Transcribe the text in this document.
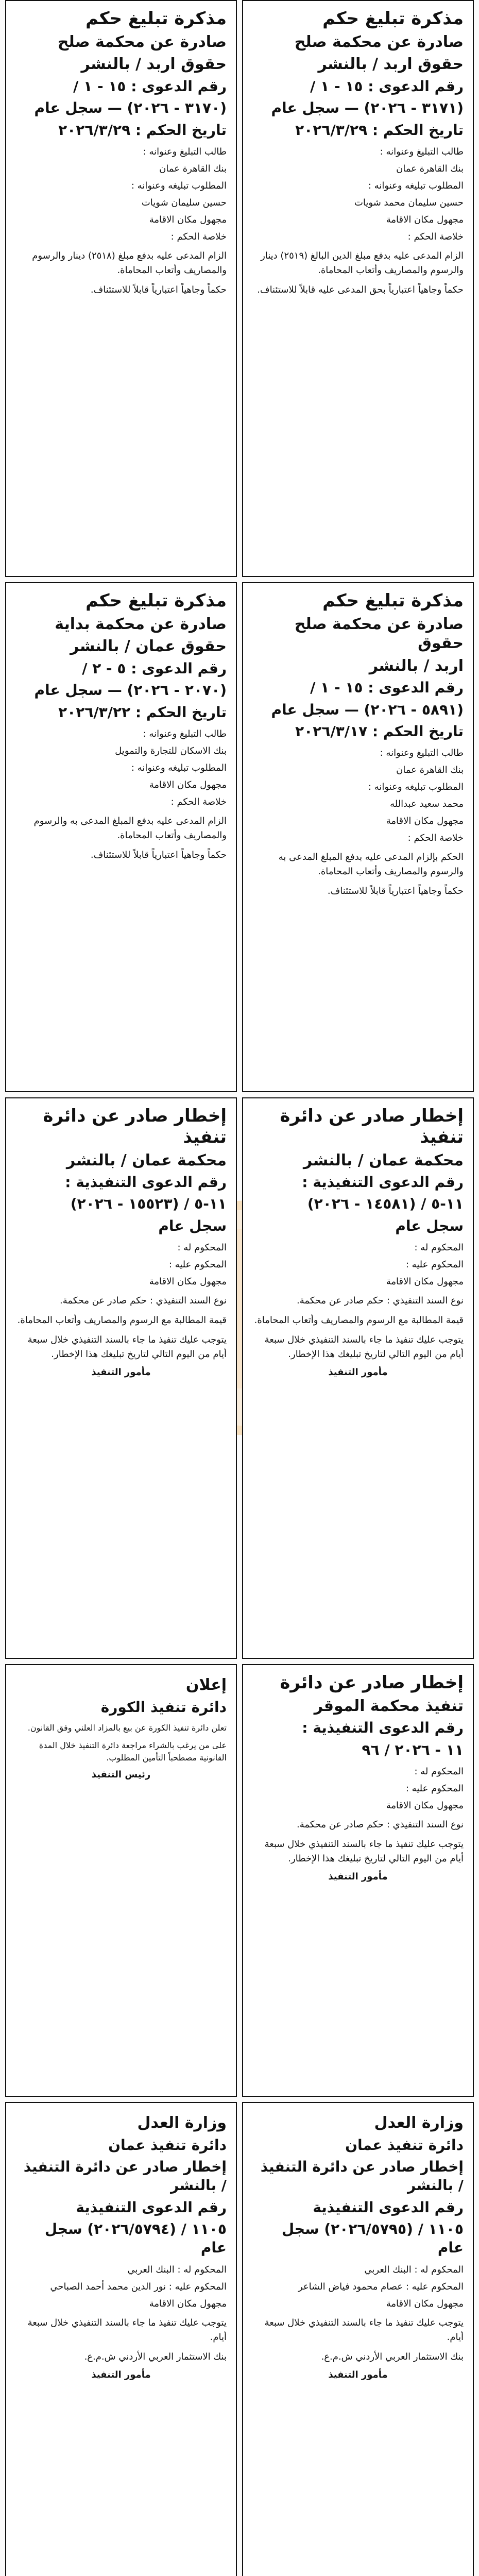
مذكرة تبليغ حكم
صادرة عن محكمة صلح
حقوق اربد / بالنشر
رقم الدعوى : ١٥ - ١ /
(٣١٧١ - ٢٠٢٦) — سجل عام
تاريخ الحكم : ٢٠٢٦/٣/٢٩

طالب التبليغ وعنوانه :

بنك القاهرة عمان

المطلوب تبليغه وعنوانه :

حسين سليمان محمد شويات

مجهول مكان الاقامة

خلاصة الحكم :

الزام المدعى عليه بدفع مبلغ الدين البالغ (٢٥١٩) دينار والرسوم والمصاريف وأتعاب المحاماة.

حكماً وجاهياً اعتبارياً بحق المدعى عليه قابلاً للاستئناف.

مذكرة تبليغ حكم
صادرة عن محكمة صلح
حقوق اربد / بالنشر
رقم الدعوى : ١٥ - ١ /
(٣١٧٠ - ٢٠٢٦) — سجل عام
تاريخ الحكم : ٢٠٢٦/٣/٢٩

طالب التبليغ وعنوانه :

بنك القاهرة عمان

المطلوب تبليغه وعنوانه :

حسين سليمان شويات

مجهول مكان الاقامة

خلاصة الحكم :

الزام المدعى عليه بدفع مبلغ (٢٥١٨) دينار والرسوم والمصاريف وأتعاب المحاماة.

حكماً وجاهياً اعتبارياً قابلاً للاستئناف.

مذكرة تبليغ حكم
صادرة عن محكمة صلح حقوق
اربد / بالنشر
رقم الدعوى : ١٥ - ١ /
(٥٨٩١ - ٢٠٢٦) — سجل عام
تاريخ الحكم : ٢٠٢٦/٣/١٧

طالب التبليغ وعنوانه :

بنك القاهرة عمان

المطلوب تبليغه وعنوانه :

محمد سعيد عبدالله

مجهول مكان الاقامة

خلاصة الحكم :

الحكم بإلزام المدعى عليه بدفع المبلغ المدعى به والرسوم والمصاريف وأتعاب المحاماة.

حكماً وجاهياً اعتبارياً قابلاً للاستئناف.

مذكرة تبليغ حكم
صادرة عن محكمة بداية
حقوق عمان / بالنشر
رقم الدعوى : ٥ - ٢ /
(٢٠٧٠ - ٢٠٢٦) — سجل عام
تاريخ الحكم : ٢٠٢٦/٣/٢٢

طالب التبليغ وعنوانه :

بنك الاسكان للتجارة والتمويل

المطلوب تبليغه وعنوانه :

مجهول مكان الاقامة

خلاصة الحكم :

الزام المدعى عليه بدفع المبلغ المدعى به والرسوم والمصاريف وأتعاب المحاماة.

حكماً وجاهياً اعتبارياً قابلاً للاستئناف.

إخطار صادر عن دائرة تنفيذ
محكمة عمان / بالنشر
رقم الدعوى التنفيذية :
١١-٥ / (١٤٥٨١ - ٢٠٢٦)
سجل عام

المحكوم له :

المحكوم عليه :

مجهول مكان الاقامة

نوع السند التنفيذي : حكم صادر عن محكمة.

قيمة المطالبة مع الرسوم والمصاريف وأتعاب المحاماة.

يتوجب عليك تنفيذ ما جاء بالسند التنفيذي خلال سبعة أيام من اليوم التالي لتاريخ تبليغك هذا الإخطار.

مأمور التنفيذ
إخطار صادر عن دائرة تنفيذ
محكمة عمان / بالنشر
رقم الدعوى التنفيذية :
١١-٥ / (١٥٥٢٣ - ٢٠٢٦)
سجل عام

المحكوم له :

المحكوم عليه :

مجهول مكان الاقامة

نوع السند التنفيذي : حكم صادر عن محكمة.

قيمة المطالبة مع الرسوم والمصاريف وأتعاب المحاماة.

يتوجب عليك تنفيذ ما جاء بالسند التنفيذي خلال سبعة أيام من اليوم التالي لتاريخ تبليغك هذا الإخطار.

مأمور التنفيذ
إخطار صادر عن دائرة
تنفيذ محكمة الموقر
رقم الدعوى التنفيذية :
١١ - ٢٠٢٦ / ٩٦

المحكوم له :

المحكوم عليه :

مجهول مكان الاقامة

نوع السند التنفيذي : حكم صادر عن محكمة.

يتوجب عليك تنفيذ ما جاء بالسند التنفيذي خلال سبعة أيام من اليوم التالي لتاريخ تبليغك هذا الإخطار.

مأمور التنفيذ
إعلان
دائرة تنفيذ الكورة

تعلن دائرة تنفيذ الكورة عن بيع بالمزاد العلني وفق القانون.

على من يرغب بالشراء مراجعة دائرة التنفيذ خلال المدة القانونية مصطحباً التأمين المطلوب.

رئيس التنفيذ
وزارة العدل
دائرة تنفيذ عمان
إخطار صادر عن دائرة التنفيذ / بالنشر
رقم الدعوى التنفيذية
١١٠٥ / (٢٠٢٦/٥٧٩٥) سجل عام

المحكوم له : البنك العربي

المحكوم عليه : عصام محمود فياض الشاعر

مجهول مكان الاقامة

يتوجب عليك تنفيذ ما جاء بالسند التنفيذي خلال سبعة أيام.

بنك الاستثمار العربي الأردني ش.م.ع.

مأمور التنفيذ
وزارة العدل
دائرة تنفيذ عمان
إخطار صادر عن دائرة التنفيذ / بالنشر
رقم الدعوى التنفيذية
١١٠٥ / (٢٠٢٦/٥٧٩٤) سجل عام

المحكوم له : البنك العربي

المحكوم عليه : نور الدين محمد أحمد الصباحي

مجهول مكان الاقامة

يتوجب عليك تنفيذ ما جاء بالسند التنفيذي خلال سبعة أيام.

بنك الاستثمار العربي الأردني ش.م.ع.

مأمور التنفيذ
